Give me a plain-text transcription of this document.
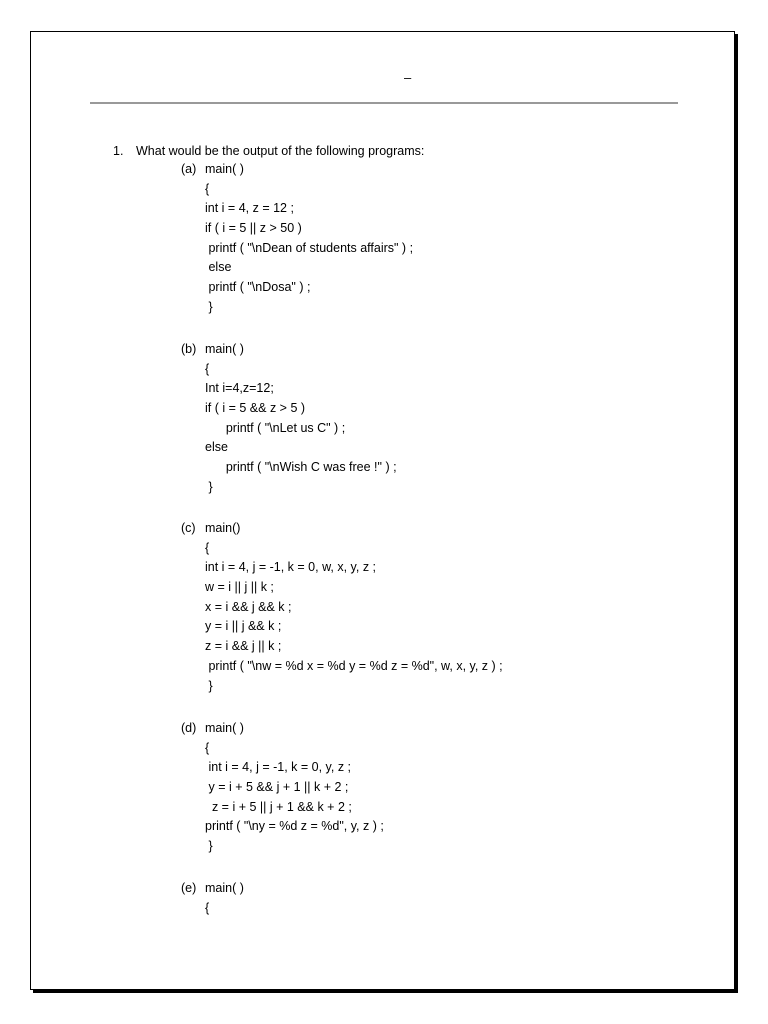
–
1. What would be the output of the following programs:
(a) main( )
{
int i = 4, z = 12 ;
if ( i = 5 || z > 50 )
printf ( "\nDean of students affairs" ) ;
else
printf ( "\nDosa" ) ;
}
(b) main( )
{
Int i=4,z=12;
if ( i = 5 && z > 5 )
printf ( "\nLet us C" ) ;
else
printf ( "\nWish C was free !" ) ;
}
(c) main()
{
int i = 4, j = -1, k = 0, w, x, y, z ;
w = i || j || k ;
x = i && j && k ;
y = i || j && k ;
z = i && j || k ;
printf ( "\nw = %d x = %d y = %d z = %d", w, x, y, z ) ;
}
(d) main( )
{
int i = 4, j = -1, k = 0, y, z ;
y = i + 5 && j + 1 || k + 2 ;
z = i + 5 || j + 1 && k + 2 ;
printf ( "\ny = %d z = %d", y, z ) ;
}
(e) main( )
{
